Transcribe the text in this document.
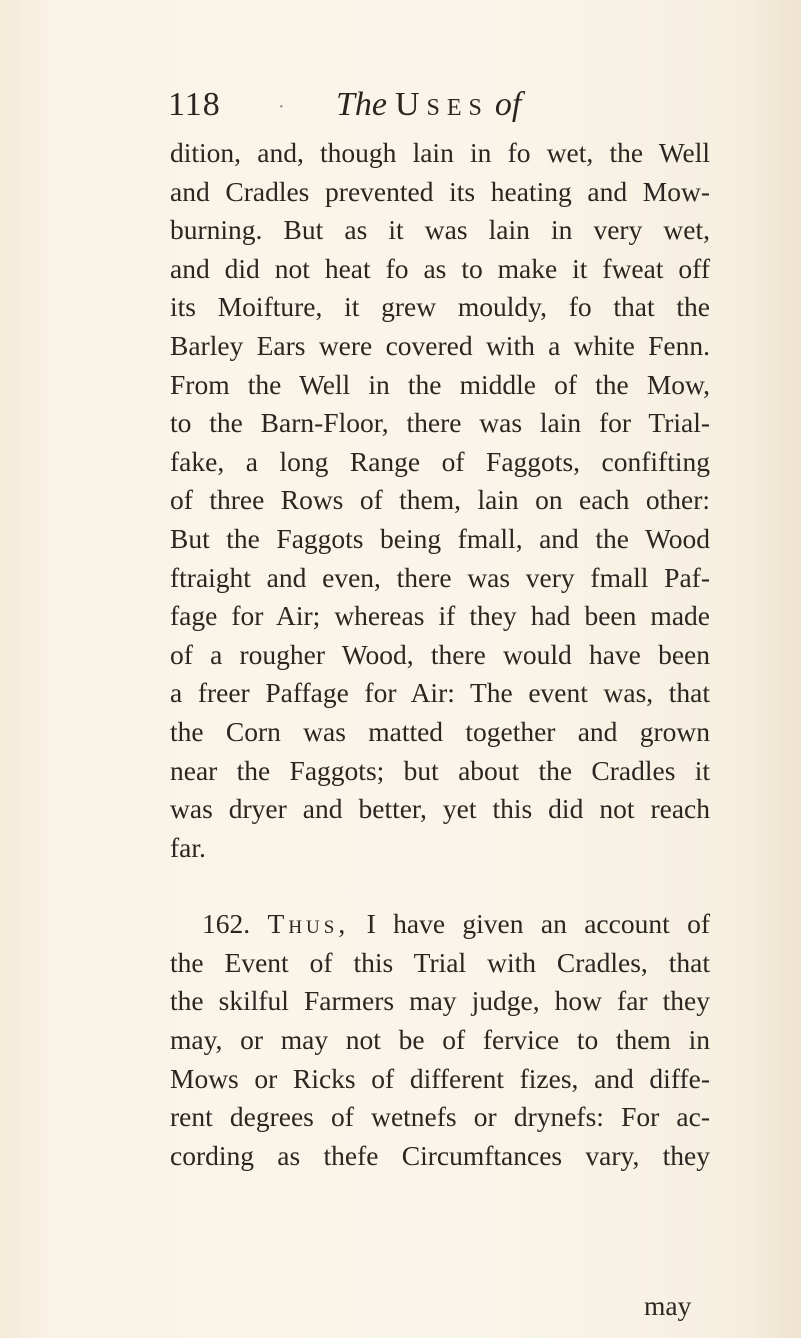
118	· The Uses of
dition, and, though lain in fo wet, the Well
and Cradles prevented its heating and Mow-
burning. But as it was lain in very wet,
and did not heat fo as to make it fweat off
its Moifture, it grew mouldy, fo that the
Barley Ears were covered with a white Fenn.
From the Well in the middle of the Mow,
to the Barn-Floor, there was lain for Trial-
fake, a long Range of Faggots, confifting
of three Rows of them, lain on each other:
But the Faggots being fmall, and the Wood
ftraight and even, there was very fmall Paf-
fage for Air; whereas if they had been made
of a rougher Wood, there would have been
a freer Paffage for Air: The event was, that
the Corn was matted together and grown
near the Faggots; but about the Cradles it
was dryer and better, yet this did not reach
far.
162. Thus, I have given an account of
the Event of this Trial with Cradles, that
the skilful Farmers may judge, how far they
may, or may not be of fervice to them in
Mows or Ricks of different fizes, and diffe-
rent degrees of wetnefs or drynefs: For ac-
cording as thefe Circumftances vary, they
may
